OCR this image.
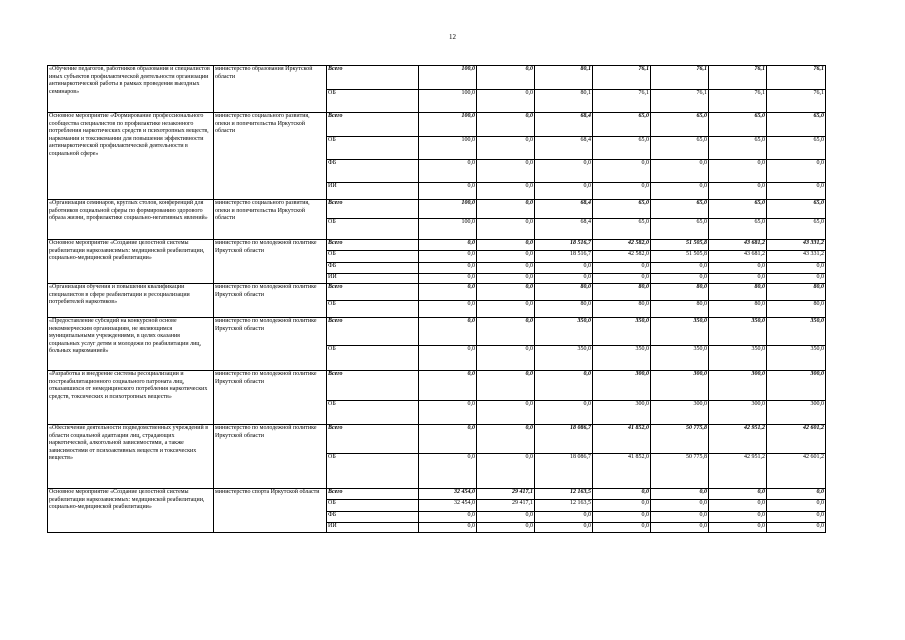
12
«Обучение педагогов, работников образования и специалистов иных субъектов профилактической деятельности организации антинаркотической работы в рамках проведения выездных семинаров»	министерство образования Иркутской области	Всего	100,0	0,0	80,1	76,1	76,1	76,1	76,1
		ОБ	100,0	0,0	80,1	76,1	76,1	76,1	76,1
Основное мероприятие «Формирование профессионального сообщества специалистов по профилактике незаконного потребления наркотических средств и психотропных веществ, наркомании и токсикомании для повышения эффективности антинаркотической профилактической деятельности в социальной сфере»	министерство социального развития, опеки и попечительства Иркутской области	Всего	100,0	0,0	68,4	65,0	65,0	65,0	65,0
		ОБ	100,0	0,0	68,4	65,0	65,0	65,0	65,0
		ФБ	0,0	0,0	0,0	0,0	0,0	0,0	0,0
		ИИ	0,0	0,0	0,0	0,0	0,0	0,0	0,0
«Организация семинаров, круглых столов, конференций для работников социальной сферы по формированию здорового образа жизни, профилактике социально-негативных явлений»	министерство социального развития, опеки и попечительства Иркутской области	Всего	100,0	0,0	68,4	65,0	65,0	65,0	65,0
		ОБ	100,0	0,0	68,4	65,0	65,0	65,0	65,0
Основное мероприятие «Создание целостной системы реабилитации наркозависимых: медицинской реабилитации, социально-медицинской реабилитации»	министерство по молодежной политике Иркутской области	Всего	0,0	0,0	18 516,7	42 582,0	51 505,8	43 681,2	43 331,2
		ОБ	0,0	0,0	18 516,7	42 582,0	51 505,8	43 681,2	43 331,2
		ФБ	0,0	0,0	0,0	0,0	0,0	0,0	0,0
		ИИ	0,0	0,0	0,0	0,0	0,0	0,0	0,0
«Организация обучения и повышения квалификации специалистов в сфере реабилитации и ресоциализации потребителей наркотиков»	министерство по молодежной политике Иркутской области	Всего	0,0	0,0	80,0	80,0	80,0	80,0	80,0
		ОБ	0,0	0,0	80,0	80,0	80,0	80,0	80,0
«Предоставление субсидий на конкурсной основе некоммерческим организациям, не являющимся муниципальными учреждениями, в целях оказания социальных услуг детям и молодежи по реабилитации лиц, больных наркоманией»	министерство по молодежной политике Иркутской области	Всего	0,0	0,0	350,0	350,0	350,0	350,0	350,0
		ОБ	0,0	0,0	350,0	350,0	350,0	350,0	350,0
«Разработка и внедрение системы ресоциализации и постреабилитационного социального патроната лиц, отказавшихся от немедицинского потребления наркотических средств, токсических и психотропных веществ»	министерство по молодежной политике Иркутской области	Всего	0,0	0,0	0,0	300,0	300,0	300,0	300,0
		ОБ	0,0	0,0	0,0	300,0	300,0	300,0	300,0
«Обеспечение деятельности подведомственных учреждений в области социальной адаптации лиц, страдающих наркотической, алкогольной зависимостями, а также зависимостями от психоактивных веществ и токсических веществ»	министерство по молодежной политике Иркутской области	Всего	0,0	0,0	18 086,7	41 852,0	50 775,8	42 951,2	42 601,2
		ОБ	0,0	0,0	18 086,7	41 852,0	50 775,8	42 951,2	42 601,2
Основное мероприятие «Создание целостной системы реабилитации наркозависимых: медицинской реабилитации, социально-медицинской реабилитации»	министерство спорта Иркутской области	Всего	32 454,0	29 417,1	12 163,5	0,0	0,0	0,0	0,0
		ОБ	32 454,0	29 417,1	12 163,5	0,0	0,0	0,0	0,0
		ФБ	0,0	0,0	0,0	0,0	0,0	0,0	0,0
		ИИ	0,0	0,0	0,0	0,0	0,0	0,0	0,0
